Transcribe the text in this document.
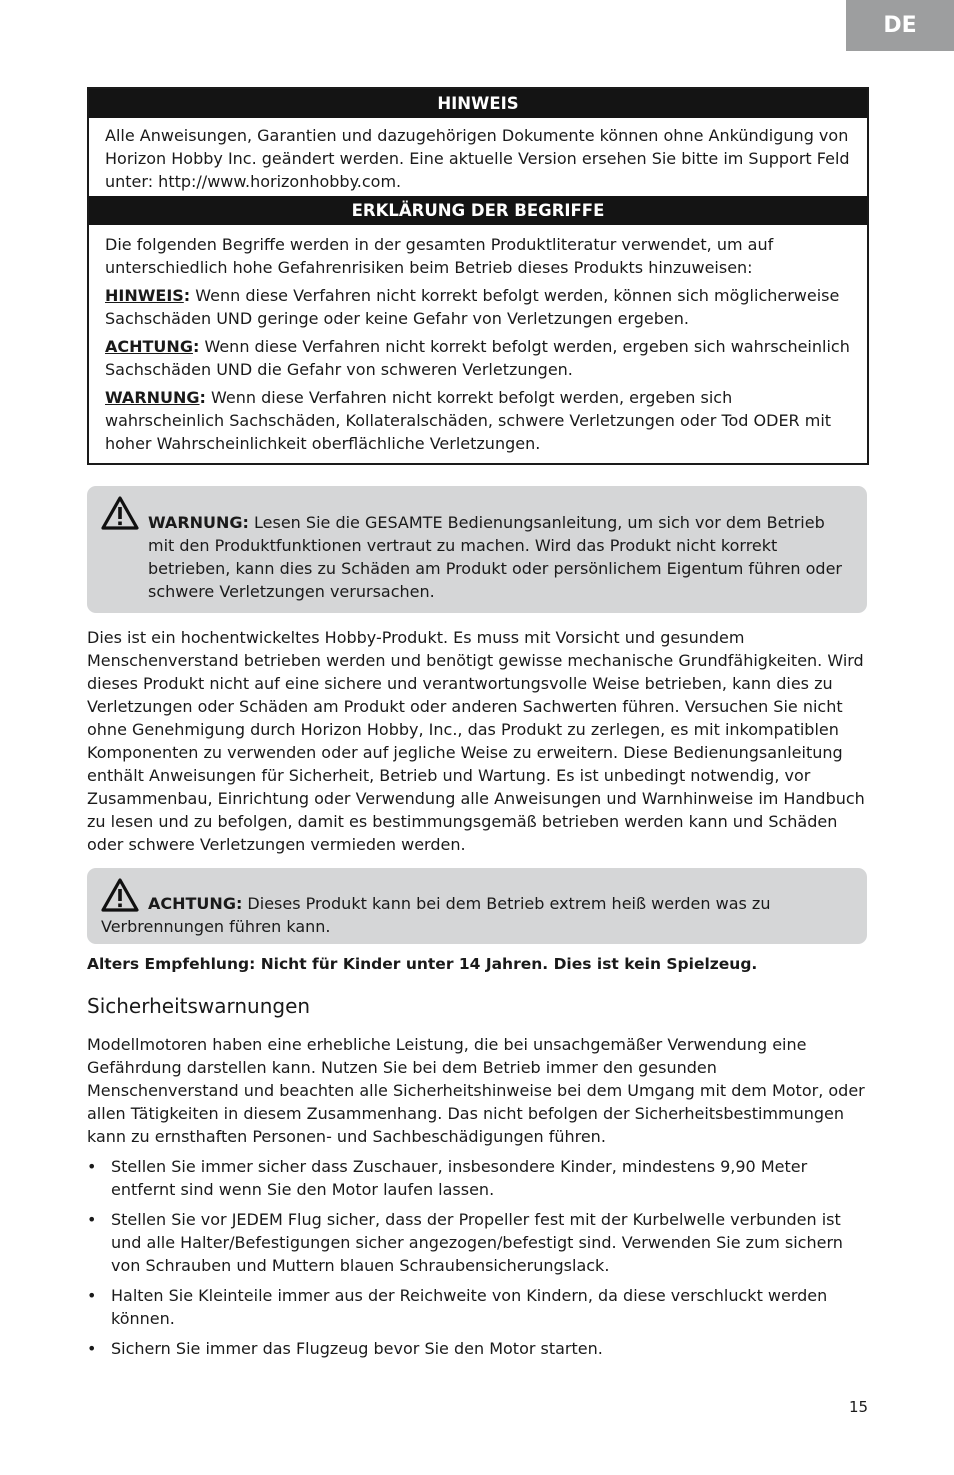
DE
HINWEIS

Alle Anweisungen, Garantien und dazugehörigen Dokumente können ohne Ankündigung von Horizon Hobby Inc. geändert werden. Eine aktuelle Version ersehen Sie bitte im Support Feld unter: http://www.horizonhobby.com.

ERKLÄRUNG DER BEGRIFFE

Die folgenden Begriffe werden in der gesamten Produktliteratur verwendet, um auf unterschiedlich hohe Gefahrenrisiken beim Betrieb dieses Produkts hinzuweisen:

HINWEIS: Wenn diese Verfahren nicht korrekt befolgt werden, können sich möglicherweise Sachschäden UND geringe oder keine Gefahr von Verletzungen ergeben.

ACHTUNG: Wenn diese Verfahren nicht korrekt befolgt werden, ergeben sich wahrscheinlich Sachschäden UND die Gefahr von schweren Verletzungen.

WARNUNG: Wenn diese Verfahren nicht korrekt befolgt werden, ergeben sich wahrscheinlich Sachschäden, Kollateralschäden, schwere Verletzungen oder Tod ODER mit hoher Wahrscheinlichkeit oberflächliche Verletzungen.

WARNUNG: Lesen Sie die GESAMTE Bedienungsanleitung, um sich vor dem Betrieb mit den Produktfunktionen vertraut zu machen. Wird das Produkt nicht korrekt betrieben, kann dies zu Schäden am Produkt oder persönlichem Eigentum führen oder schwere Verletzungen verursachen.

Dies ist ein hochentwickeltes Hobby-Produkt. Es muss mit Vorsicht und gesundem Menschenverstand betrieben werden und benötigt gewisse mechanische Grundfähigkeiten. Wird dieses Produkt nicht auf eine sichere und verantwortungsvolle Weise betrieben, kann dies zu Verletzungen oder Schäden am Produkt oder anderen Sachwerten führen. Versuchen Sie nicht ohne Genehmigung durch Horizon Hobby, Inc., das Produkt zu zerlegen, es mit inkompatiblen Komponenten zu verwenden oder auf jegliche Weise zu erweitern. Diese Bedienungsanleitung enthält Anweisungen für Sicherheit, Betrieb und Wartung. Es ist unbedingt notwendig, vor Zusammenbau, Einrichtung oder Verwendung alle Anweisungen und Warnhinweise im Handbuch zu lesen und zu befolgen, damit es bestimmungsgemäß betrieben werden kann und Schäden oder schwere Verletzungen vermieden werden.

ACHTUNG: Dieses Produkt kann bei dem Betrieb extrem heiß werden was zu Verbrennungen führen kann.

Alters Empfehlung: Nicht für Kinder unter 14 Jahren. Dies ist kein Spielzeug.

Sicherheitswarnungen

Modellmotoren haben eine erhebliche Leistung, die bei unsachgemäßer Verwendung eine Gefährdung darstellen kann. Nutzen Sie bei dem Betrieb immer den gesunden Menschenverstand und beachten alle Sicherheitshinweise bei dem Umgang mit dem Motor, oder allen Tätigkeiten in diesem Zusammenhang. Das nicht befolgen der Sicherheitsbestimmungen kann zu ernsthaften Personen- und Sachbeschädigungen führen.

• Stellen Sie immer sicher dass Zuschauer, insbesondere Kinder, mindestens 9,90 Meter entfernt sind wenn Sie den Motor laufen lassen.
• Stellen Sie vor JEDEM Flug sicher, dass der Propeller fest mit der Kurbelwelle verbunden ist und alle Halter/Befestigungen sicher angezogen/befestigt sind. Verwenden Sie zum sichern von Schrauben und Muttern blauen Schraubensicherungslack.
• Halten Sie Kleinteile immer aus der Reichweite von Kindern, da diese verschluckt werden können.
• Sichern Sie immer das Flugzeug bevor Sie den Motor starten.
15
